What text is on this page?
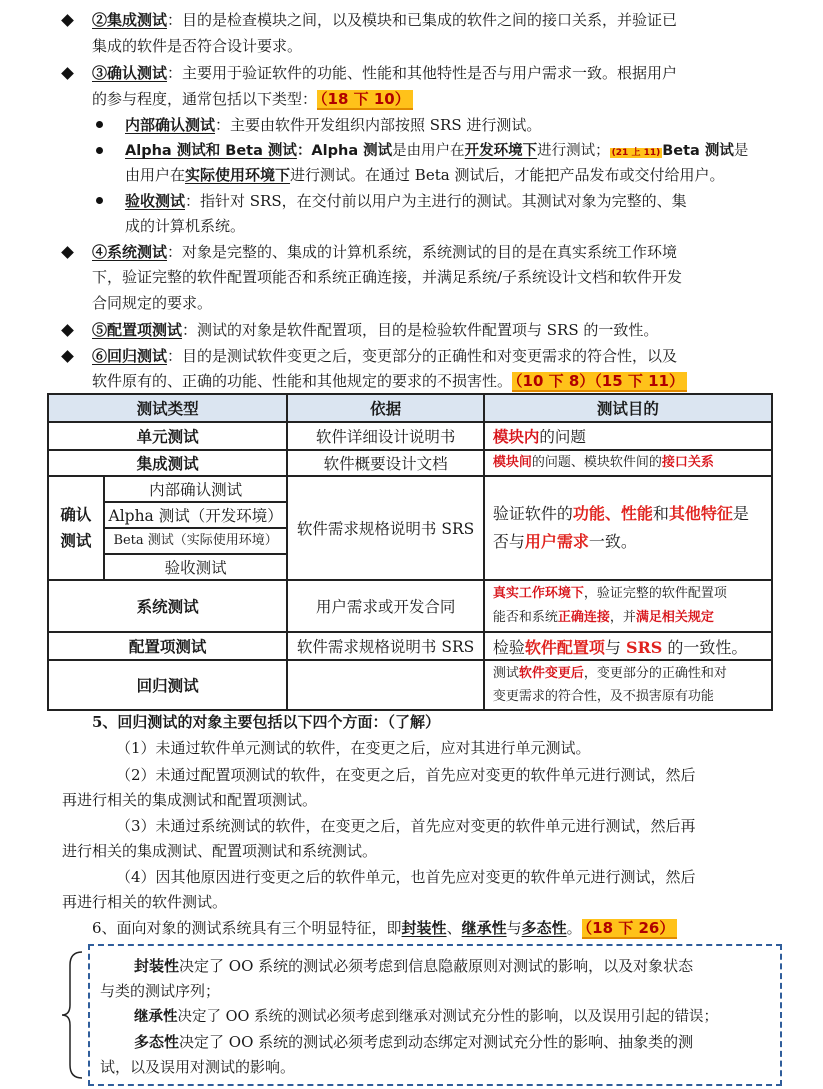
②集成测试：目的是检查模块之间，以及模块和已集成的软件之间的接口关系，并验证已
集成的软件是否符合设计要求。
③确认测试：主要用于验证软件的功能、性能和其他特性是否与用户需求一致。根据用户
的参与程度，通常包括以下类型： （18 下 10）
内部确认测试：主要由软件开发组织内部按照 SRS 进行测试。
Alpha 测试和 Beta 测试：Alpha 测试是由用户在开发环境下进行测试； (21 上 11) Beta 测试是
由用户在实际使用环境下进行测试。在通过 Beta 测试后，才能把产品发布或交付给用户。
验收测试：指针对 SRS，在交付前以用户为主进行的测试。其测试对象为完整的、集
成的计算机系统。
④系统测试：对象是完整的、集成的计算机系统，系统测试的目的是在真实系统工作环境
下，验证完整的软件配置项能否和系统正确连接，并满足系统/子系统设计文档和软件开发
合同规定的要求。
⑤配置项测试：测试的对象是软件配置项，目的是检验软件配置项与 SRS 的一致性。
⑥回归测试：目的是测试软件变更之后，变更部分的正确性和对变更需求的符合性，以及
软件原有的、正确的功能、性能和其他规定的要求的不损害性。 （10 下 8）（15 下 11）
测试类型		依据	测试目的
单元测试		软件详细设计说明书	模块内的问题
集成测试		软件概要设计文档	模块间的问题、模块软件间的接口关系
确认
测试	内部确认测试	软件需求规格说明书 SRS	验证软件的功能、性能和其他特征是
否与用户需求一致。
	Alpha 测试（开发环境）		
	Beta 测试（实际使用环境）		
	验收测试		
系统测试		用户需求或开发合同	真实工作环境下，验证完整的软件配置项
能否和系统正确连接，并满足相关规定
配置项测试		软件需求规格说明书 SRS	检验软件配置项与 SRS 的一致性。
回归测试			测试软件变更后，变更部分的正确性和对
变更需求的符合性，及不损害原有功能
5、回归测试的对象主要包括以下四个方面：（了解）
（1）未通过软件单元测试的软件，在变更之后，应对其进行单元测试。
（2）未通过配置项测试的软件，在变更之后，首先应对变更的软件单元进行测试，然后
再进行相关的集成测试和配置项测试。
（3）未通过系统测试的软件，在变更之后，首先应对变更的软件单元进行测试，然后再
进行相关的集成测试、配置项测试和系统测试。
（4）因其他原因进行变更之后的软件单元，也首先应对变更的软件单元进行测试，然后
再进行相关的软件测试。
6、面向对象的测试系统具有三个明显特征，即封装性、继承性与多态性。 （18 下 26）
封装性决定了 OO 系统的测试必须考虑到信息隐蔽原则对测试的影响，以及对象状态
与类的测试序列；
继承性决定了 OO 系统的测试必须考虑到继承对测试充分性的影响，以及误用引起的错误；
多态性决定了 OO 系统的测试必须考虑到动态绑定对测试充分性的影响、抽象类的测
试，以及误用对测试的影响。
